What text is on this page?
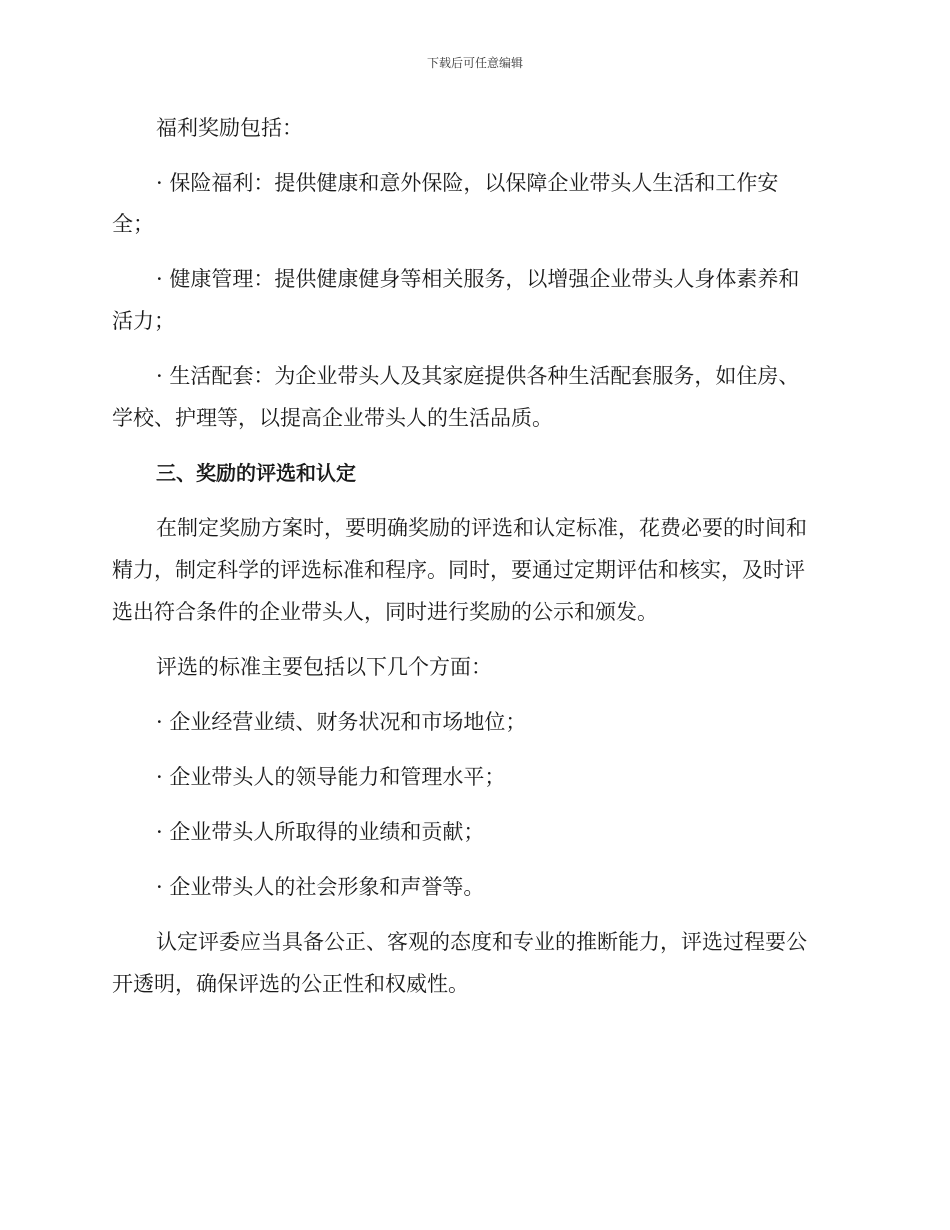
下载后可任意编辑
福利奖励包括：
· 保险福利：提供健康和意外保险，以保障企业带头人生活和工作安
全；
· 健康管理：提供健康健身等相关服务，以增强企业带头人身体素养和
活力；
· 生活配套：为企业带头人及其家庭提供各种生活配套服务，如住房、
学校、护理等，以提高企业带头人的生活品质。
三、奖励的评选和认定
在制定奖励方案时，要明确奖励的评选和认定标准，花费必要的时间和
精力，制定科学的评选标准和程序。同时，要通过定期评估和核实，及时评
选出符合条件的企业带头人，同时进行奖励的公示和颁发。
评选的标准主要包括以下几个方面：
· 企业经营业绩、财务状况和市场地位；
· 企业带头人的领导能力和管理水平；
· 企业带头人所取得的业绩和贡献；
· 企业带头人的社会形象和声誉等。
认定评委应当具备公正、客观的态度和专业的推断能力，评选过程要公
开透明，确保评选的公正性和权威性。
